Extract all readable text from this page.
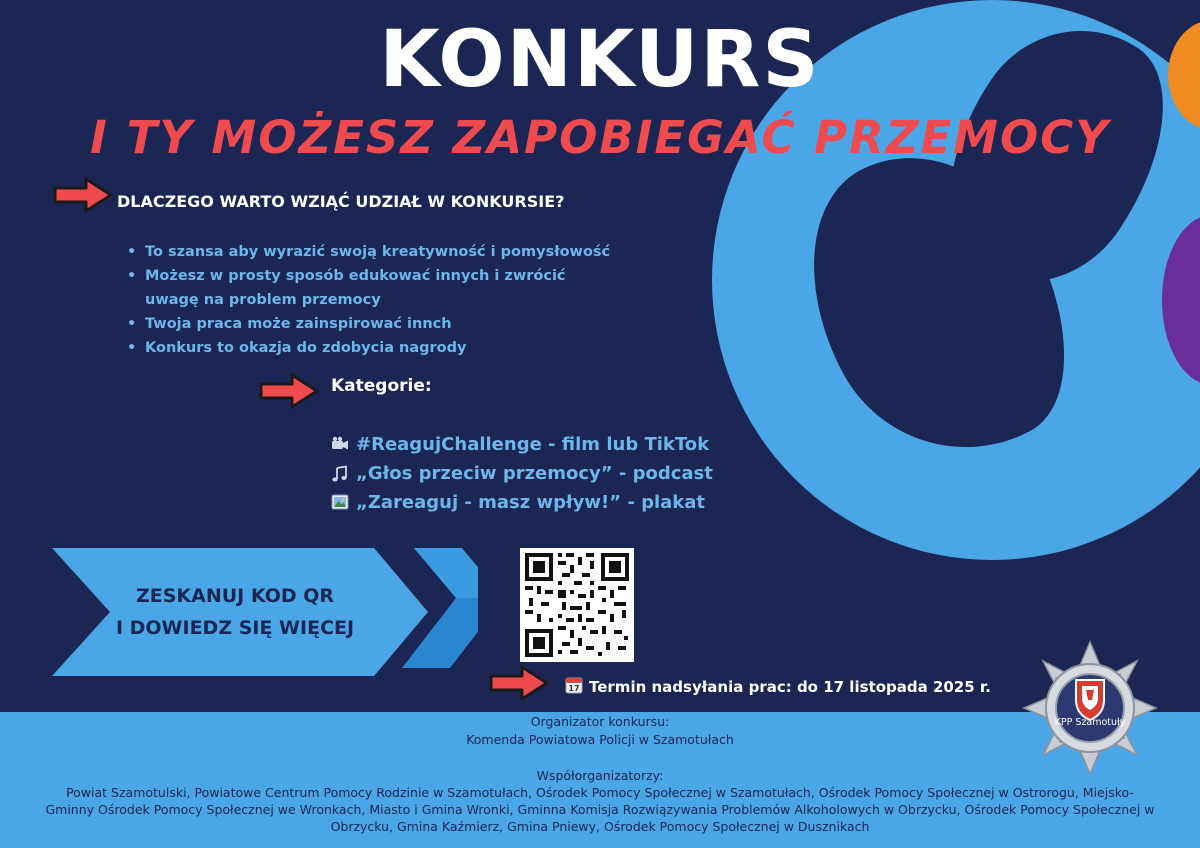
KONKURS
I TY MOŻESZ ZAPOBIEGAĆ PRZEMOCY
DLACZEGO WARTO WZIĄĆ UDZIAŁ W KONKURSIE?
• To szansa aby wyrazić swoją kreatywność i pomysłowość
• Możesz w prosty sposób edukować innych i zwrócić uwagę na problem przemocy
• Twoja praca może zainspirować innch
• Konkurs to okazja do zdobycia nagrody
Kategorie:
#ReagujChallenge - film lub TikTok
„Głos przeciw przemocy” - podcast
„Zareaguj - masz wpływ!” - plakat
ZESKANUJ KOD QR
I DOWIEDZ SIĘ WIĘCEJ
17 Termin nadsyłania prac: do 17 listopada 2025 r.
Organizator konkursu:
Komenda Powiatowa Policji w Szamotułach
Współorganizatorzy:
Powiat Szamotulski, Powiatowe Centrum Pomocy Rodzinie w Szamotułach, Ośrodek Pomocy Społecznej w Szamotułach, Ośrodek Pomocy Społecznej w Ostrorogu, Miejsko- Gminny Ośrodek Pomocy Społecznej we Wronkach, Miasto i Gmina Wronki, Gminna Komisja Rozwiązywania Problemów Alkoholowych w Obrzycku, Ośrodek Pomocy Społecznej w Obrzycku, Gmina Kaźmierz, Gmina Pniewy, Ośrodek Pomocy Społecznej w Dusznikach
KPP Szamotuły
